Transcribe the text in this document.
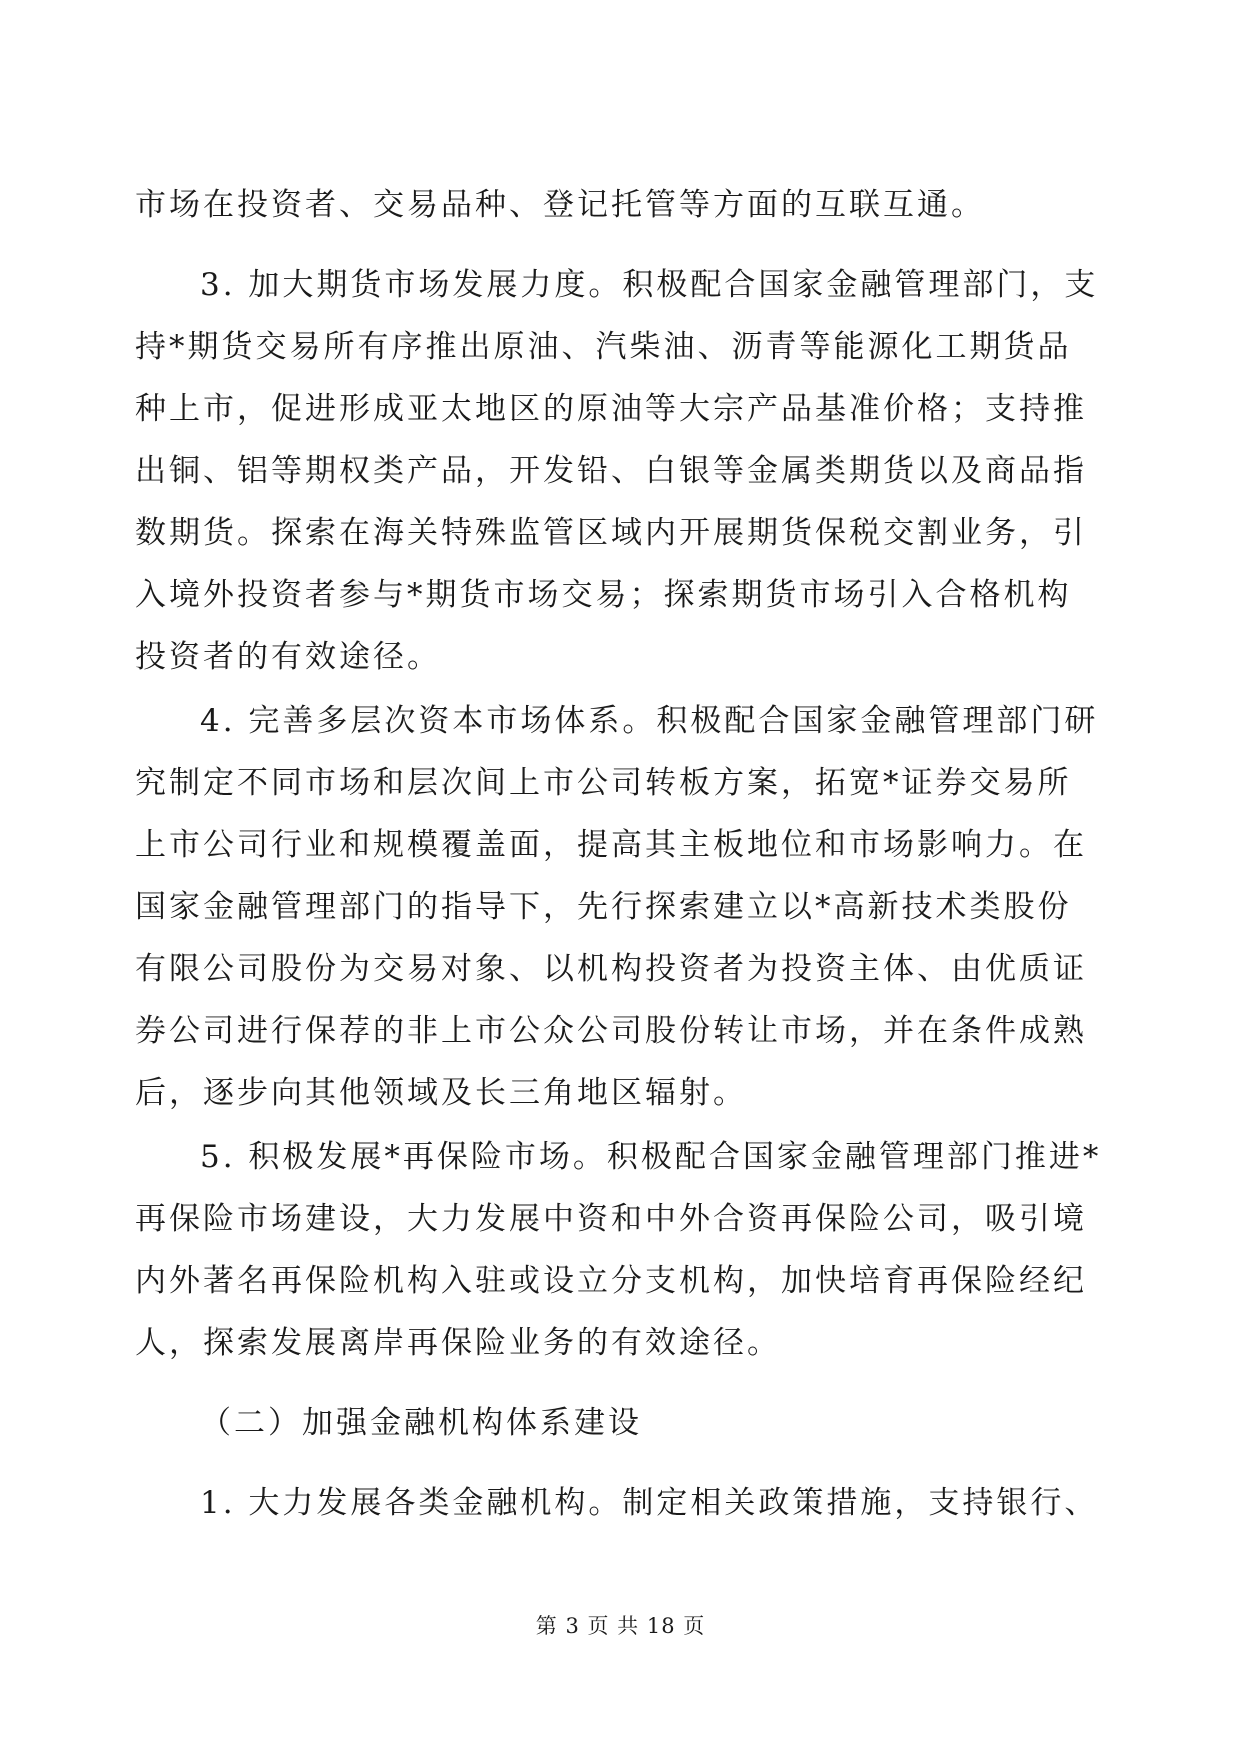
市场在投资者、交易品种、登记托管等方面的互联互通。
3. 加大期货市场发展力度。积极配合国家金融管理部门，支
持*期货交易所有序推出原油、汽柴油、沥青等能源化工期货品
种上市，促进形成亚太地区的原油等大宗产品基准价格；支持推
出铜、铝等期权类产品，开发铅、白银等金属类期货以及商品指
数期货。探索在海关特殊监管区域内开展期货保税交割业务，引
入境外投资者参与*期货市场交易；探索期货市场引入合格机构
投资者的有效途径。
4. 完善多层次资本市场体系。积极配合国家金融管理部门研
究制定不同市场和层次间上市公司转板方案，拓宽*证券交易所
上市公司行业和规模覆盖面，提高其主板地位和市场影响力。在
国家金融管理部门的指导下，先行探索建立以*高新技术类股份
有限公司股份为交易对象、以机构投资者为投资主体、由优质证
券公司进行保荐的非上市公众公司股份转让市场，并在条件成熟
后，逐步向其他领域及长三角地区辐射。
5. 积极发展*再保险市场。积极配合国家金融管理部门推进*
再保险市场建设，大力发展中资和中外合资再保险公司，吸引境
内外著名再保险机构入驻或设立分支机构，加快培育再保险经纪
人，探索发展离岸再保险业务的有效途径。
（二）加强金融机构体系建设
1. 大力发展各类金融机构。制定相关政策措施，支持银行、
第 3 页 共 18 页
